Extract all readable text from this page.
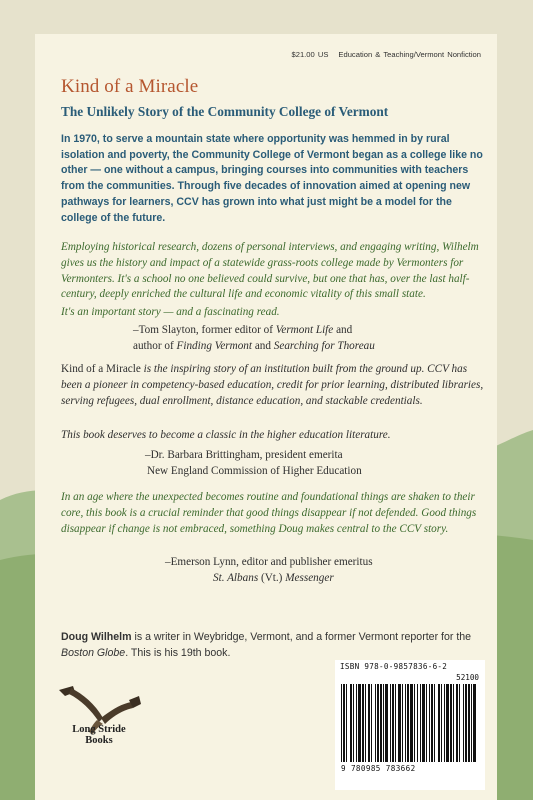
$21.00 US Education & Teaching/Vermont Nonfiction
Kind of a Miracle
The Unlikely Story of the Community College of Vermont

In 1970, to serve a mountain state where opportunity was hemmed in by rural isolation and poverty, the Community College of Vermont began as a college like no other — one without a campus, bringing courses into communities with teachers from the communities. Through five decades of innovation aimed at opening new pathways for learners, CCV has grown into what just might be a model for the college of the future.

Employing historical research, dozens of personal interviews, and engaging writing, Wilhelm gives us the history and impact of a statewide grass-roots college made by Vermonters for Vermonters. It's a school no one believed could survive, but one that has, over the last half-century, deeply enriched the cultural life and economic vitality of this small state.

It's an important story — and a fascinating read.

–Tom Slayton, former editor of Vermont Life and
author of Finding Vermont and Searching for Thoreau

Kind of a Miracle is the inspiring story of an institution built from the ground up. CCV has been a pioneer in competency-based education, credit for prior learning, distributed libraries, serving refugees, dual enrollment, distance education, and stackable credentials.

This book deserves to become a classic in the higher education literature.

–Dr. Barbara Brittingham, president emerita
New England Commission of Higher Education

In an age where the unexpected becomes routine and foundational things are shaken to their core, this book is a crucial reminder that good things disappear if not defended. Good things disappear if change is not embraced, something Doug makes central to the CCV story.

–Emerson Lynn, editor and publisher emeritus
St. Albans (Vt.) Messenger

Doug Wilhelm is a writer in Weybridge, Vermont, and a former Vermont reporter for the Boston Globe. This is his 19th book.

Long Stride
Books
ISBN 978-0-9857836-6-2
52100
9 780985 783662
